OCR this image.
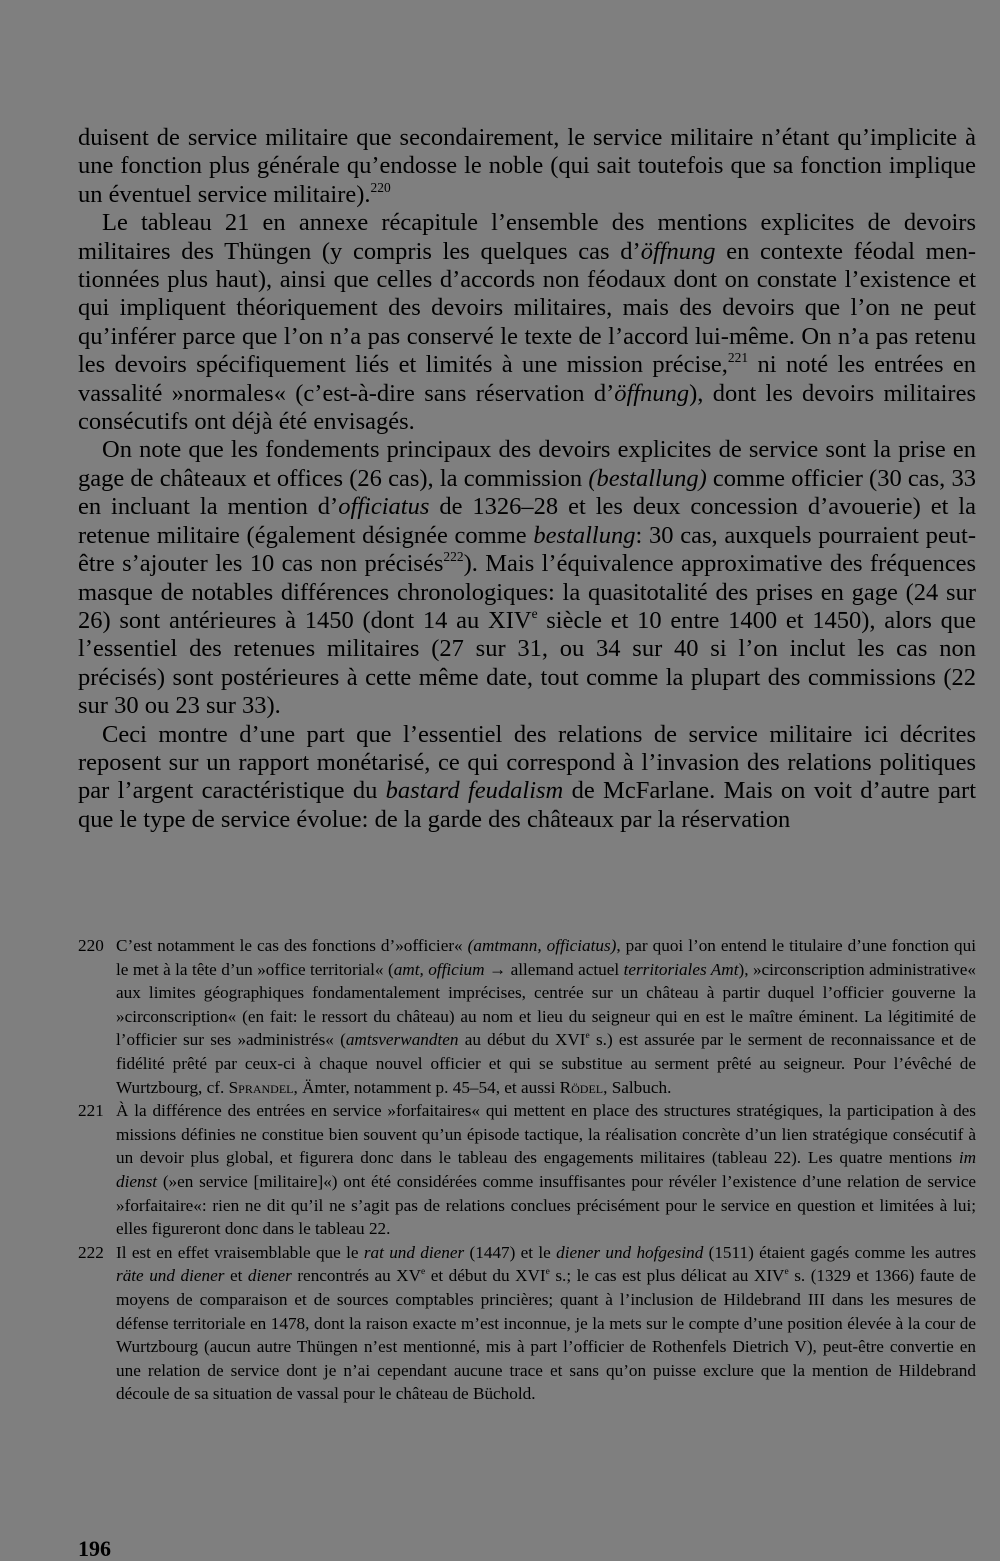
duisent de service militaire que secondairement, le service militaire n’étant qu’implicite à une fonction plus générale qu’endosse le noble (qui sait toutefois que sa fonction implique un éventuel service militaire).$^{220}$

Le tableau 21 en annexe récapitule l’ensemble des mentions explicites de devoirs militaires des Thüngen (y compris les quelques cas d’öffnung en contexte féodal mentionnées plus haut), ainsi que celles d’accords non féodaux dont on constate l’existence et qui impliquent théoriquement des devoirs militaires, mais des devoirs que l’on ne peut qu’inférer parce que l’on n’a pas conservé le texte de l’accord lui-même. On n’a pas retenu les devoirs spécifiquement liés et limités à une mission précise,$^{221}$ ni noté les entrées en vassalité »normales« (c’est-à-dire sans réservation d’öffnung), dont les devoirs militaires consécutifs ont déjà été envisagés.

On note que les fondements principaux des devoirs explicites de service sont la prise en gage de châteaux et offices (26 cas), la commission (bestallung) comme officier (30 cas, 33 en incluant la mention d’officiatus de 1326–28 et les deux concession d’avouerie) et la retenue militaire (également désignée comme bestallung: 30 cas, auxquels pourraient peut-être s’ajouter les 10 cas non précisés$^{222}$). Mais l’équivalence approximative des fréquences masque de notables différences chronologiques: la quasitotalité des prises en gage (24 sur 26) sont antérieures à 1450 (dont 14 au XIVe siècle et 10 entre 1400 et 1450), alors que l’essentiel des retenues militaires (27 sur 31, ou 34 sur 40 si l’on inclut les cas non précisés) sont postérieures à cette même date, tout comme la plupart des commissions (22 sur 30 ou 23 sur 33).

Ceci montre d’une part que l’essentiel des relations de service militaire ici décrites reposent sur un rapport monétarisé, ce qui correspond à l’invasion des relations politiques par l’argent caractéristique du bastard feudalism de McFarlane. Mais on voit d’autre part que le type de service évolue: de la garde des châteaux par la réservation

220 C’est notamment le cas des fonctions d’»officier« (amtmann, officiatus), par quoi l’on entend le titulaire d’une fonction qui le met à la tête d’un »office territorial« (amt, officium → allemand actuel territoriales Amt), »circonscription administrative« aux limites géographiques fondamentalement imprécises, centrée sur un château à partir duquel l’officier gouverne la »circonscription« (en fait: le ressort du château) au nom et lieu du seigneur qui en est le maître éminent. La légitimité de l’officier sur ses »administrés« (amtsverwandten au début du XVIe s.) est assurée par le serment de reconnaissance et de fidélité prêté par ceux-ci à chaque nouvel officier et qui se substitue au serment prêté au seigneur. Pour l’évêché de Wurtzbourg, cf. Sprandel, Ämter, notamment p. 45–54, et aussi Rödel, Salbuch.
221 À la différence des entrées en service »forfaitaires« qui mettent en place des structures stratégiques, la participation à des missions définies ne constitue bien souvent qu’un épisode tactique, la réalisation concrète d’un lien stratégique consécutif à un devoir plus global, et figurera donc dans le tableau des engagements militaires (tableau 22). Les quatre mentions im dienst (»en service [militaire]«) ont été considérées comme insuffisantes pour révéler l’existence d’une relation de service »forfaitaire«: rien ne dit qu’il ne s’agit pas de relations conclues précisément pour le service en question et limitées à lui; elles figureront donc dans le tableau 22.
222 Il est en effet vraisemblable que le rat und diener (1447) et le diener und hofgesind (1511) étaient gagés comme les autres räte und diener et diener rencontrés au XVe et début du XVIe s.; le cas est plus délicat au XIVe s. (1329 et 1366) faute de moyens de comparaison et de sources comptables princières; quant à l’inclusion de Hildebrand III dans les mesures de défense territoriale en 1478, dont la raison exacte m’est inconnue, je la mets sur le compte d’une position élevée à la cour de Wurtzbourg (aucun autre Thüngen n’est mentionné, mis à part l’officier de Rothenfels Dietrich V), peut-être convertie en une relation de service dont je n’ai cependant aucune trace et sans qu’on puisse exclure que la mention de Hildebrand découle de sa situation de vassal pour le château de Büchold.
196
